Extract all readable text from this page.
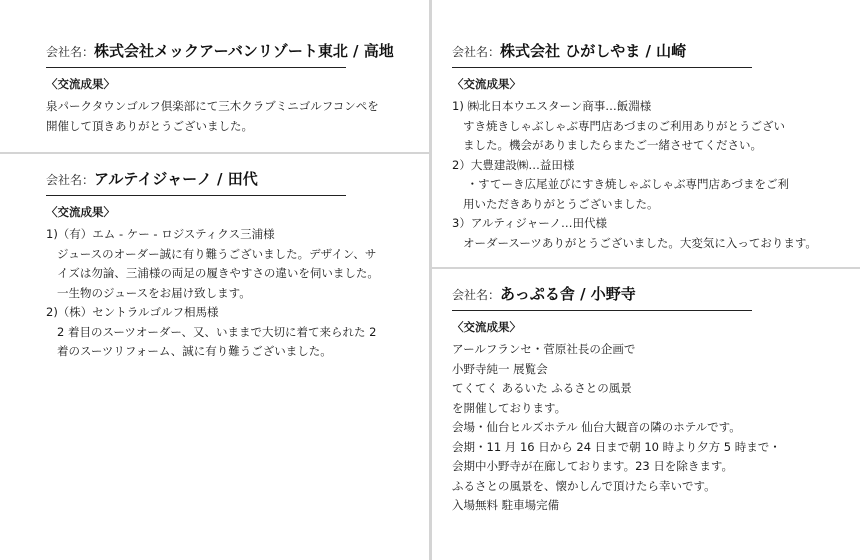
会社名： 株式会社メックアーバンリゾート東北 / 高地
〈交流成果〉
泉パークタウンゴルフ倶楽部にて三木クラブミニゴルフコンペを
開催して頂きありがとうございました。
会社名： アルテイジャーノ / 田代
〈交流成果〉
1)（有）エム - ケー - ロジスティクス三浦様
ジュースのオーダー誠に有り難うございました。デザイン、サ
イズは勿論、三浦様の両足の履きやすさの違いを伺いました。
一生物のジュースをお届け致します。
2)（株）セントラルゴルフ相馬様
2 着目のスーツオーダー、又、いままで大切に着て来られた 2
着のスーツリフォーム、誠に有り難うございました。
会社名： 株式会社 ひがしやま / 山崎
〈交流成果〉
1) ㈱北日本ウエスターン商事…飯淵様
すき焼きしゃぶしゃぶ専門店あづまのご利用ありがとうござい
ました。機会がありましたらまたご一緒させてください。
2）大豊建設㈱…益田様
・すてーき広尾並びにすき焼しゃぶしゃぶ専門店あづまをご利
用いただきありがとうございました。
3）アルティジャーノ…田代様
オーダースーツありがとうございました。大変気に入っております。
会社名： あっぷる舎 / 小野寺
〈交流成果〉
アールフランセ・菅原社長の企画で
小野寺純一 展覧会
てくてく あるいた ふるさとの風景
を開催しております。
会場・仙台ヒルズホテル 仙台大観音の隣のホテルです。
会期・11 月 16 日から 24 日まで朝 10 時より夕方 5 時まで・
会期中小野寺が在廊しております。23 日を除きます。
ふるさとの風景を、懐かしんで頂けたら幸いです。
入場無料 駐車場完備
